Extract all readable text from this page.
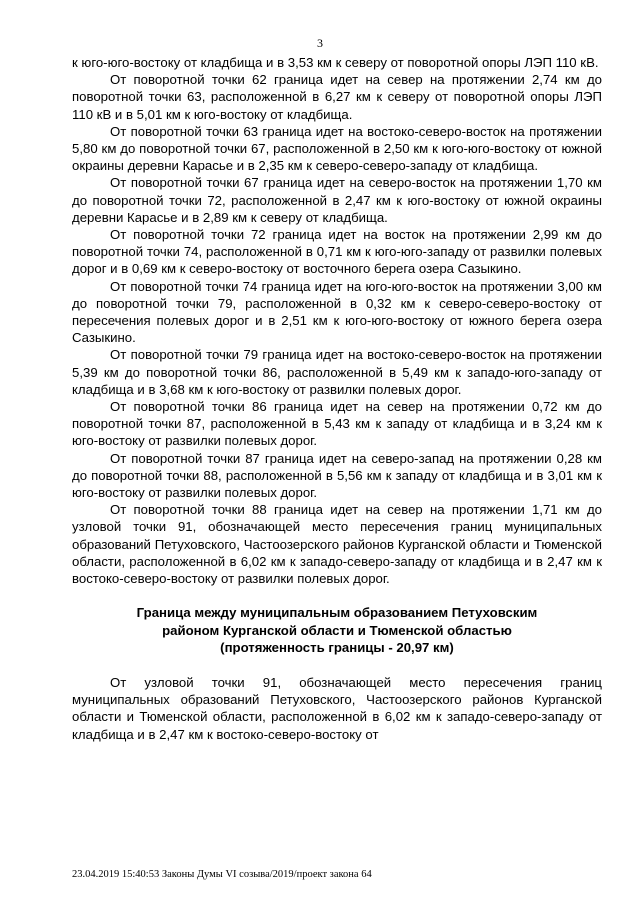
3

к юго-юго-востоку от кладбища и в 3,53 км к северу от поворотной опоры ЛЭП 110 кВ.

От поворотной точки 62 граница идет на север на протяжении 2,74 км до поворотной точки 63, расположенной в 6,27 км к северу от поворотной опоры ЛЭП 110 кВ и в 5,01 км к юго-востоку от кладбища.

От поворотной точки 63 граница идет на востоко-северо-восток на протяжении 5,80 км до поворотной точки 67, расположенной в 2,50 км к юго-юго-востоку от южной окраины деревни Карасье и в 2,35 км к северо-северо-западу от кладбища.

От поворотной точки 67 граница идет на северо-восток на протяжении 1,70 км до поворотной точки 72, расположенной в 2,47 км к юго-востоку от южной окраины деревни Карасье и в 2,89 км к северу от кладбища.

От поворотной точки 72 граница идет на восток на протяжении 2,99 км до поворотной точки 74, расположенной в 0,71 км к юго-юго-западу от развилки полевых дорог и в 0,69 км к северо-востоку от восточного берега озера Сазыкино.

От поворотной точки 74 граница идет на юго-юго-восток на протяжении 3,00 км до поворотной точки 79, расположенной в 0,32 км к северо-северо-востоку от пересечения полевых дорог и в 2,51 км к юго-юго-востоку от южного берега озера Сазыкино.

От поворотной точки 79 граница идет на востоко-северо-восток на протяжении 5,39 км до поворотной точки 86, расположенной в 5,49 км к западо-юго-западу от кладбища и в 3,68 км к юго-востоку от развилки полевых дорог.

От поворотной точки 86 граница идет на север на протяжении 0,72 км до поворотной точки 87, расположенной в 5,43 км к западу от кладбища и в 3,24 км к юго-востоку от развилки полевых дорог.

От поворотной точки 87 граница идет на северо-запад на протяжении 0,28 км до поворотной точки 88, расположенной в 5,56 км к западу от кладбища и в 3,01 км к юго-востоку от развилки полевых дорог.

От поворотной точки 88 граница идет на север на протяжении 1,71 км до узловой точки 91, обозначающей место пересечения границ муниципальных образований Петуховского, Частоозерского районов Курганской области и Тюменской области, расположенной в 6,02 км к западо-северо-западу от кладбища и в 2,47 км к востоко-северо-востоку от развилки полевых дорог.

Граница между муниципальным образованием Петуховским
районом Курганской области и Тюменской областью
(протяженность границы - 20,97 км)

От узловой точки 91, обозначающей место пересечения границ муниципальных образований Петуховского, Частоозерского районов Курганской области и Тюменской области, расположенной в 6,02 км к западо-северо-западу от кладбища и в 2,47 км к востоко-северо-востоку от

23.04.2019 15:40:53 Законы Думы VI созыва/2019/проект закона 64
